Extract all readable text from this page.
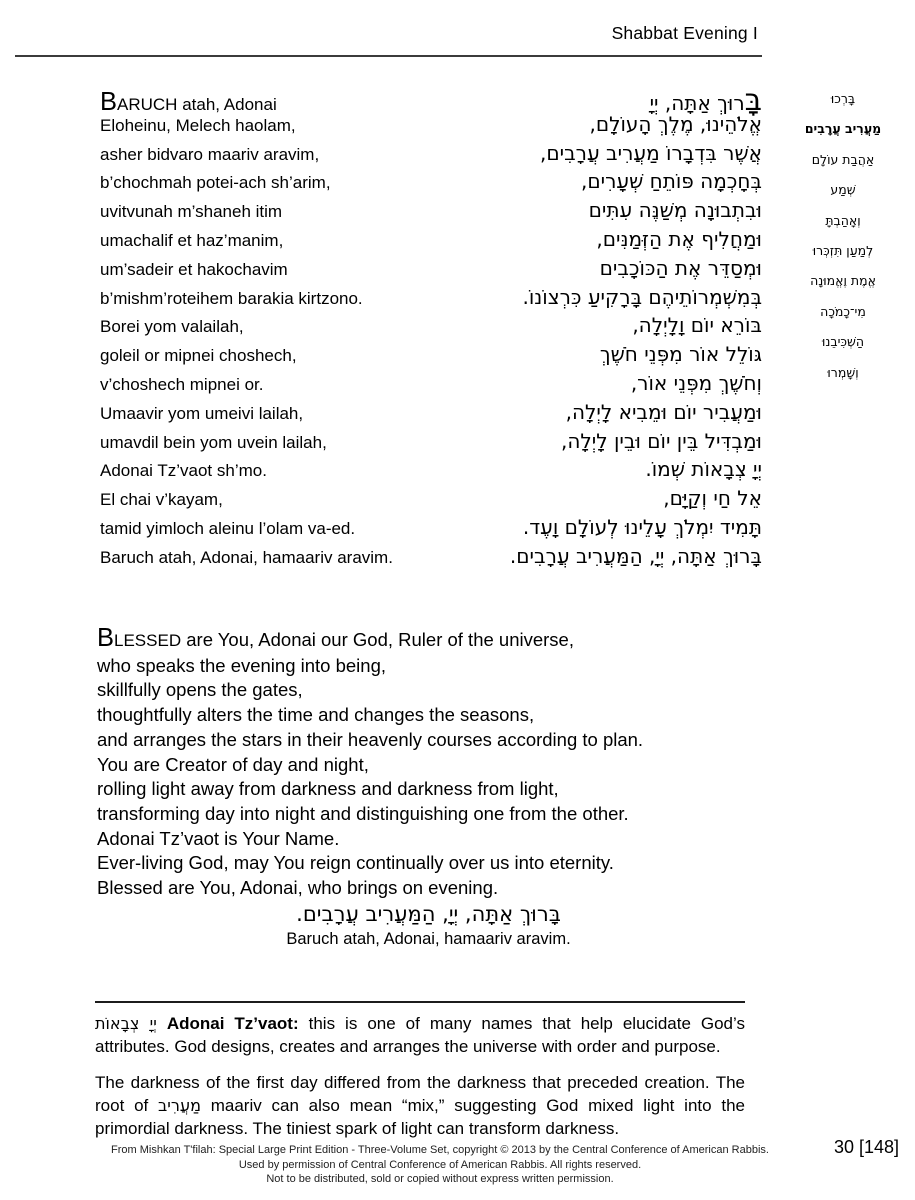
Shabbat Evening I
BARUCH atah, Adonai	בָּרוּךְ אַתָּה, יְיָ
Eloheinu, Melech haolam,	אֱלֹהֵינוּ, מֶלֶךְ הָעוֹלָם,
asher bidvaro maariv aravim,	אֲשֶׁר בִּדְבָרוֹ מַעֲרִיב עֲרָבִים,
b’chochmah potei-ach sh’arim,	בְּחָכְמָה פּוֹתֵחַ שְׁעָרִים,
uvitvunah m’shaneh itim	וּבִתְבוּנָה מְשַׁנֶּה עִתִּים
umachalif et haz’manim,	וּמַחֲלִיף אֶת הַזְּמַנִּים,
um’sadeir et hakochavim	וּמְסַדֵּר אֶת הַכּוֹכָבִים
b’mishm’roteihem barakia kirtzono.	בְּמִשְׁמְרוֹתֵיהֶם בָּרָקִיעַ כִּרְצוֹנוֹ.
Borei yom valailah,	בּוֹרֵא יוֹם וָלָיְלָה,
goleil or mipnei choshech,	גּוֹלֵל אוֹר מִפְּנֵי חֹשֶׁךְ
v’choshech mipnei or.	וְחֹשֶׁךְ מִפְּנֵי אוֹר,
Umaavir yom umeivi lailah,	וּמַעֲבִיר יוֹם וּמֵבִיא לָיְלָה,
umavdil bein yom uvein lailah,	וּמַבְדִּיל בֵּין יוֹם וּבֵין לָיְלָה,
Adonai Tz’vaot sh’mo.	יְיָ צְבָאוֹת שְׁמוֹ.
El chai v’kayam,	אֵל חַי וְקַיָּם,
tamid yimloch aleinu l’olam va-ed.	תָּמִיד יִמְלֹךְ עָלֵינוּ לְעוֹלָם וָעֶד.
Baruch atah, Adonai, hamaariv aravim.	בָּרוּךְ אַתָּה, יְיָ, הַמַּעֲרִיב עֲרָבִים.
בָּרְכוּ
מַעֲרִיב עֲרָבִים
אַהֲבַת עוֹלָם
שְׁמַע
וְאָהַבְתָּ
לְמַעַן תִּזְכְּרוּ
אֱמֶת וֶאֱמוּנָה
מִי־כָמֹכָה
הַשְׁכִּיבֵנוּ
וְשָׁמְרוּ
BLESSED are You, Adonai our God, Ruler of the universe,
who speaks the evening into being,
skillfully opens the gates,
thoughtfully alters the time and changes the seasons,
and arranges the stars in their heavenly courses according to plan.
You are Creator of day and night,
rolling light away from darkness and darkness from light,
transforming day into night and distinguishing one from the other.
Adonai Tz’vaot is Your Name.
Ever-living God, may You reign continually over us into eternity.
Blessed are You, Adonai, who brings on evening.
בָּרוּךְ אַתָּה, יְיָ, הַמַּעֲרִיב עֲרָבִים.
Baruch atah, Adonai, hamaariv aravim.

יְיָ צְבָאוֹת Adonai Tz’vaot: this is one of many names that help elucidate God’s attributes. God designs, creates and arranges the universe with order and purpose.

The darkness of the first day differed from the darkness that preceded creation. The root of מַעֲרִיב maariv can also mean “mix,” suggesting God mixed light into the primordial darkness. The tiniest spark of light can transform darkness.

From Mishkan T'filah: Special Large Print Edition - Three-Volume Set, copyright © 2013 by the Central Conference of American Rabbis.
Used by permission of Central Conference of American Rabbis. All rights reserved.
Not to be distributed, sold or copied without express written permission.
30 [148]
